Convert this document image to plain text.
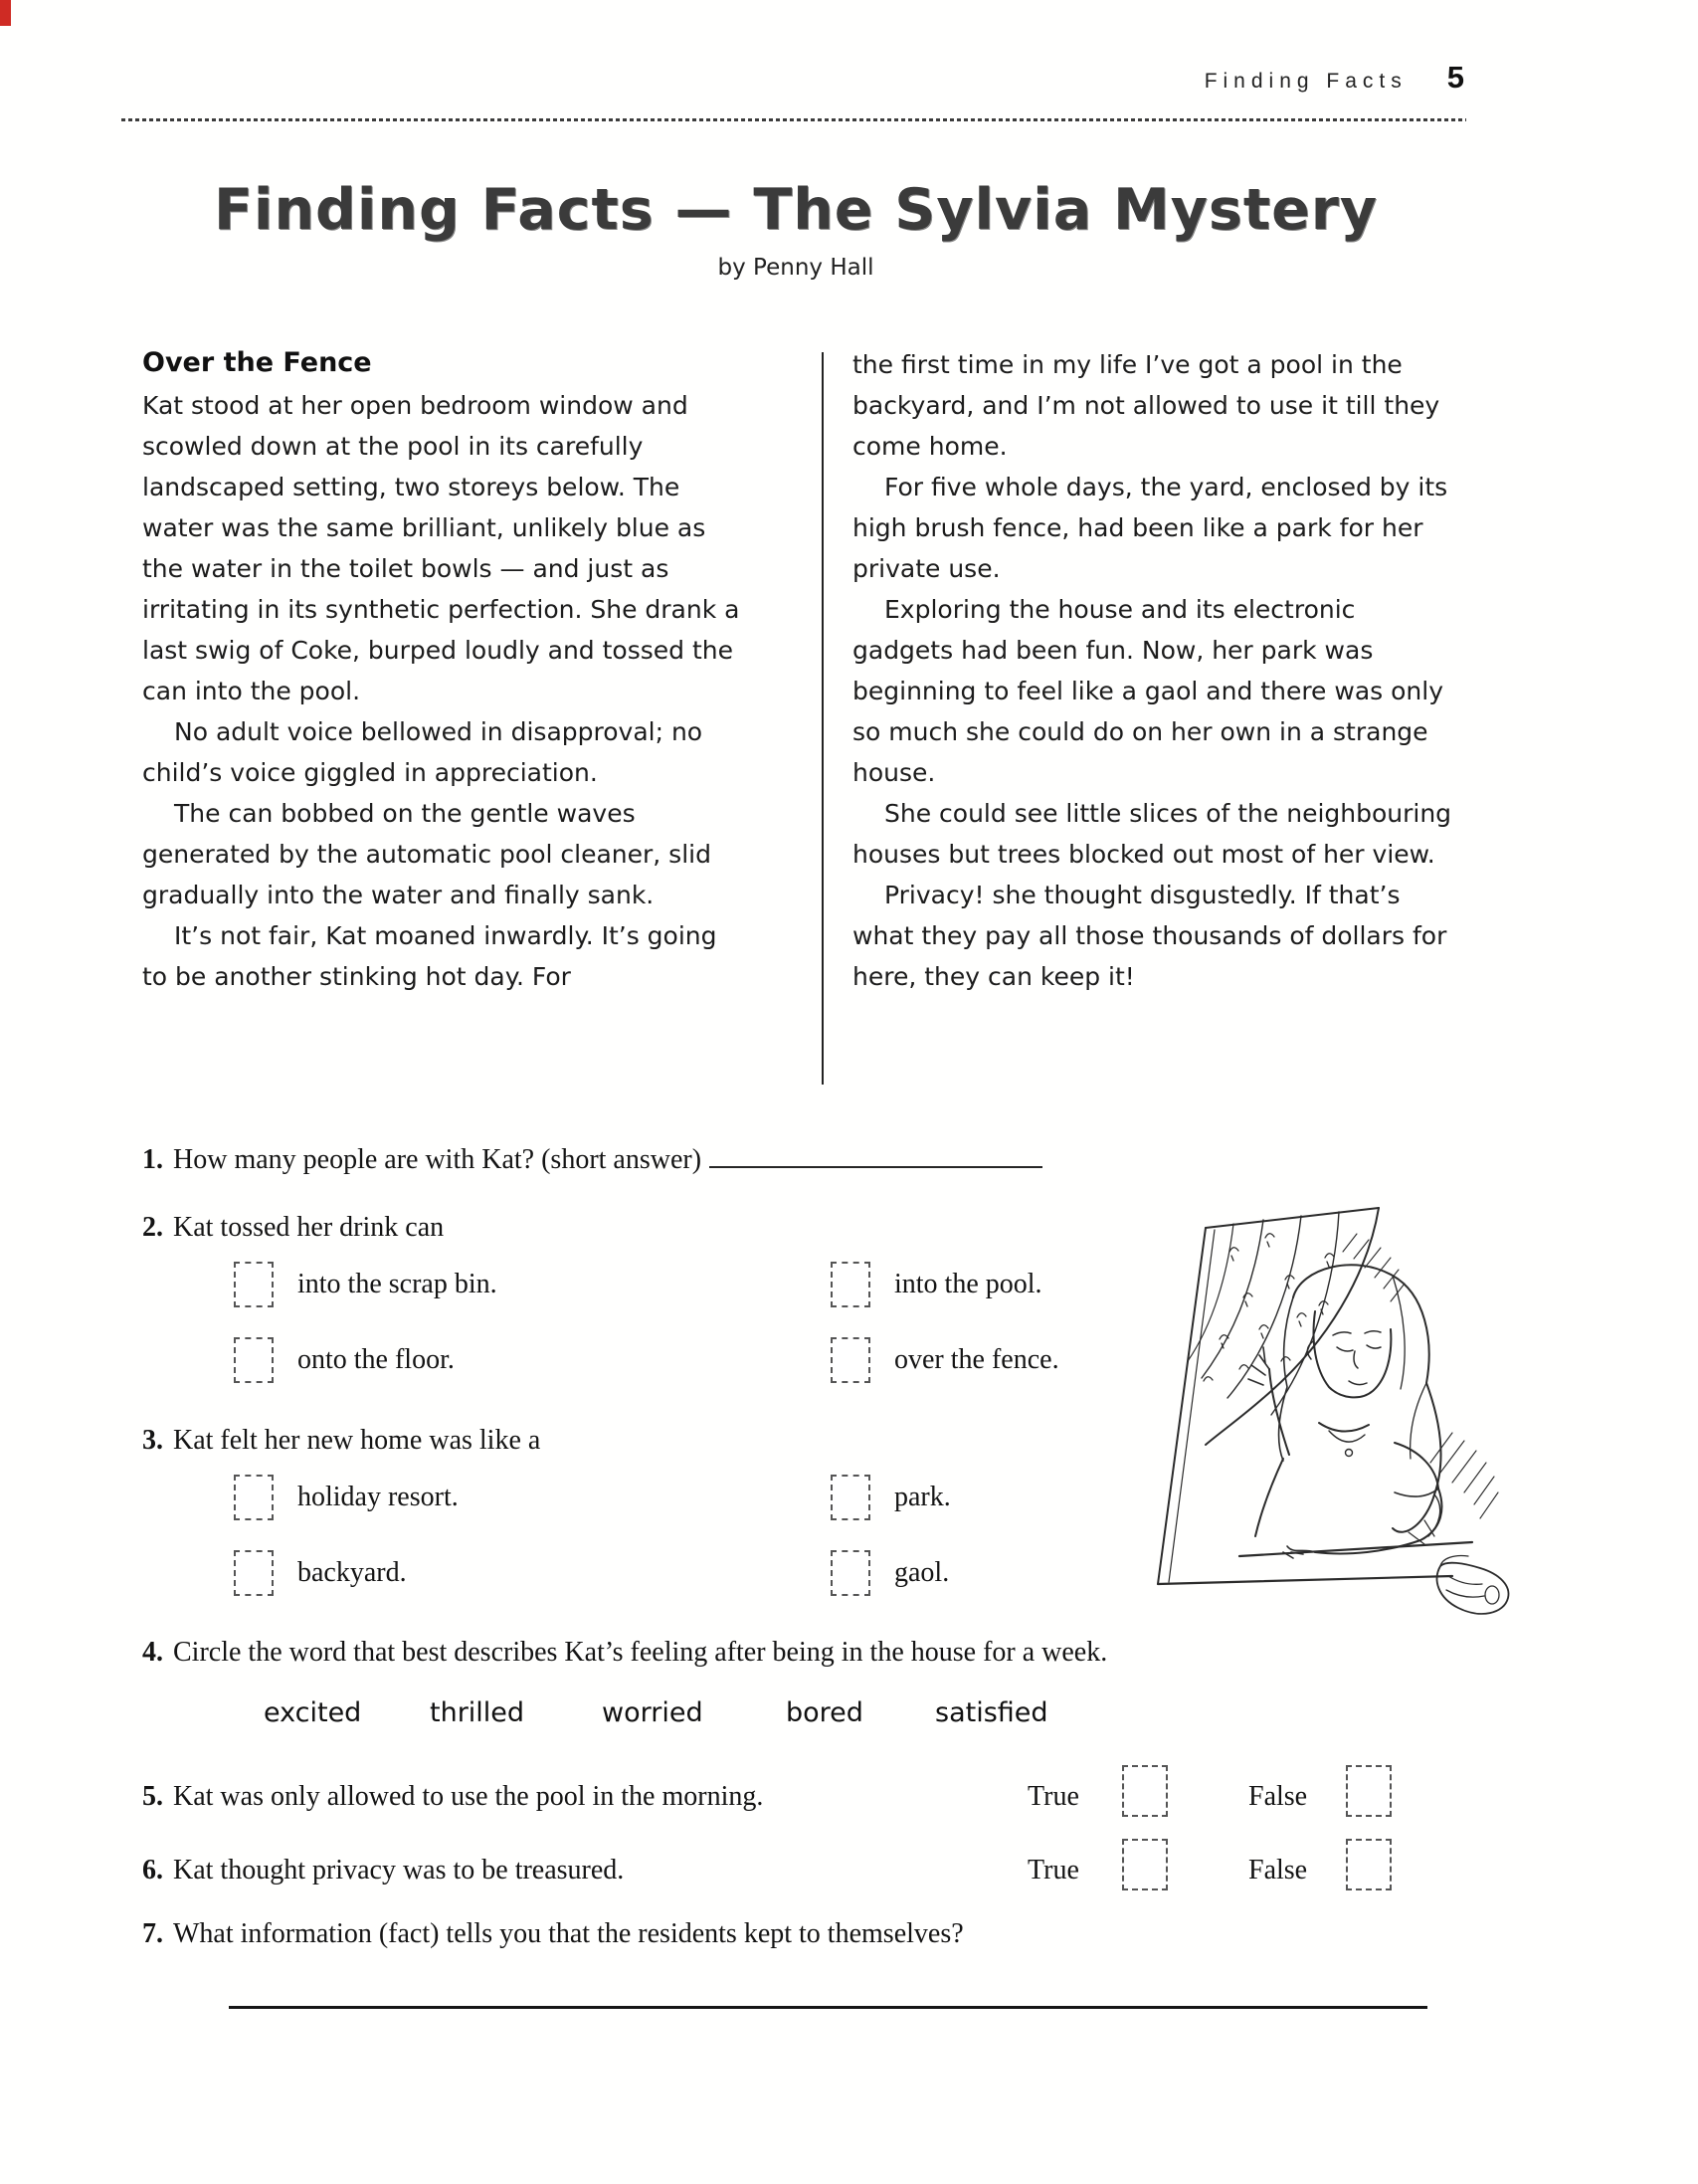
Finding Facts 5
Finding Facts — The Sylvia Mystery
by Penny Hall
Over the Fence

Kat stood at her open bedroom window and scowled down at the pool in its carefully landscaped setting, two storeys below. The water was the same brilliant, unlikely blue as the water in the toilet bowls — and just as irritating in its synthetic perfection. She drank a last swig of Coke, burped loudly and tossed the can into the pool.

No adult voice bellowed in disapproval; no child’s voice giggled in appreciation.

The can bobbed on the gentle waves generated by the automatic pool cleaner, slid gradually into the water and finally sank.

It’s not fair, Kat moaned inwardly. It’s going to be another stinking hot day. For

the first time in my life I’ve got a pool in the backyard, and I’m not allowed to use it till they come home.

For five whole days, the yard, enclosed by its high brush fence, had been like a park for her private use.

Exploring the house and its electronic gadgets had been fun. Now, her park was beginning to feel like a gaol and there was only so much she could do on her own in a strange house.

She could see little slices of the neighbouring houses but trees blocked out most of her view.

Privacy! she thought disgustedly. If that’s what they pay all those thousands of dollars for here, they can keep it!

1. How many people are with Kat? (short answer)
2. Kat tossed her drink can
into the scrap bin.	into the pool.
onto the floor.	over the fence.
3. Kat felt her new home was like a
holiday resort.	park.
backyard.	gaol.
4. Circle the word that best describes Kat’s feeling after being in the house for a week.
excited	thrilled	worried	bored	satisfied
5. Kat was only allowed to use the pool in the morning.	True	False
6. Kat thought privacy was to be treasured.	True	False
7. What information (fact) tells you that the residents kept to themselves?
